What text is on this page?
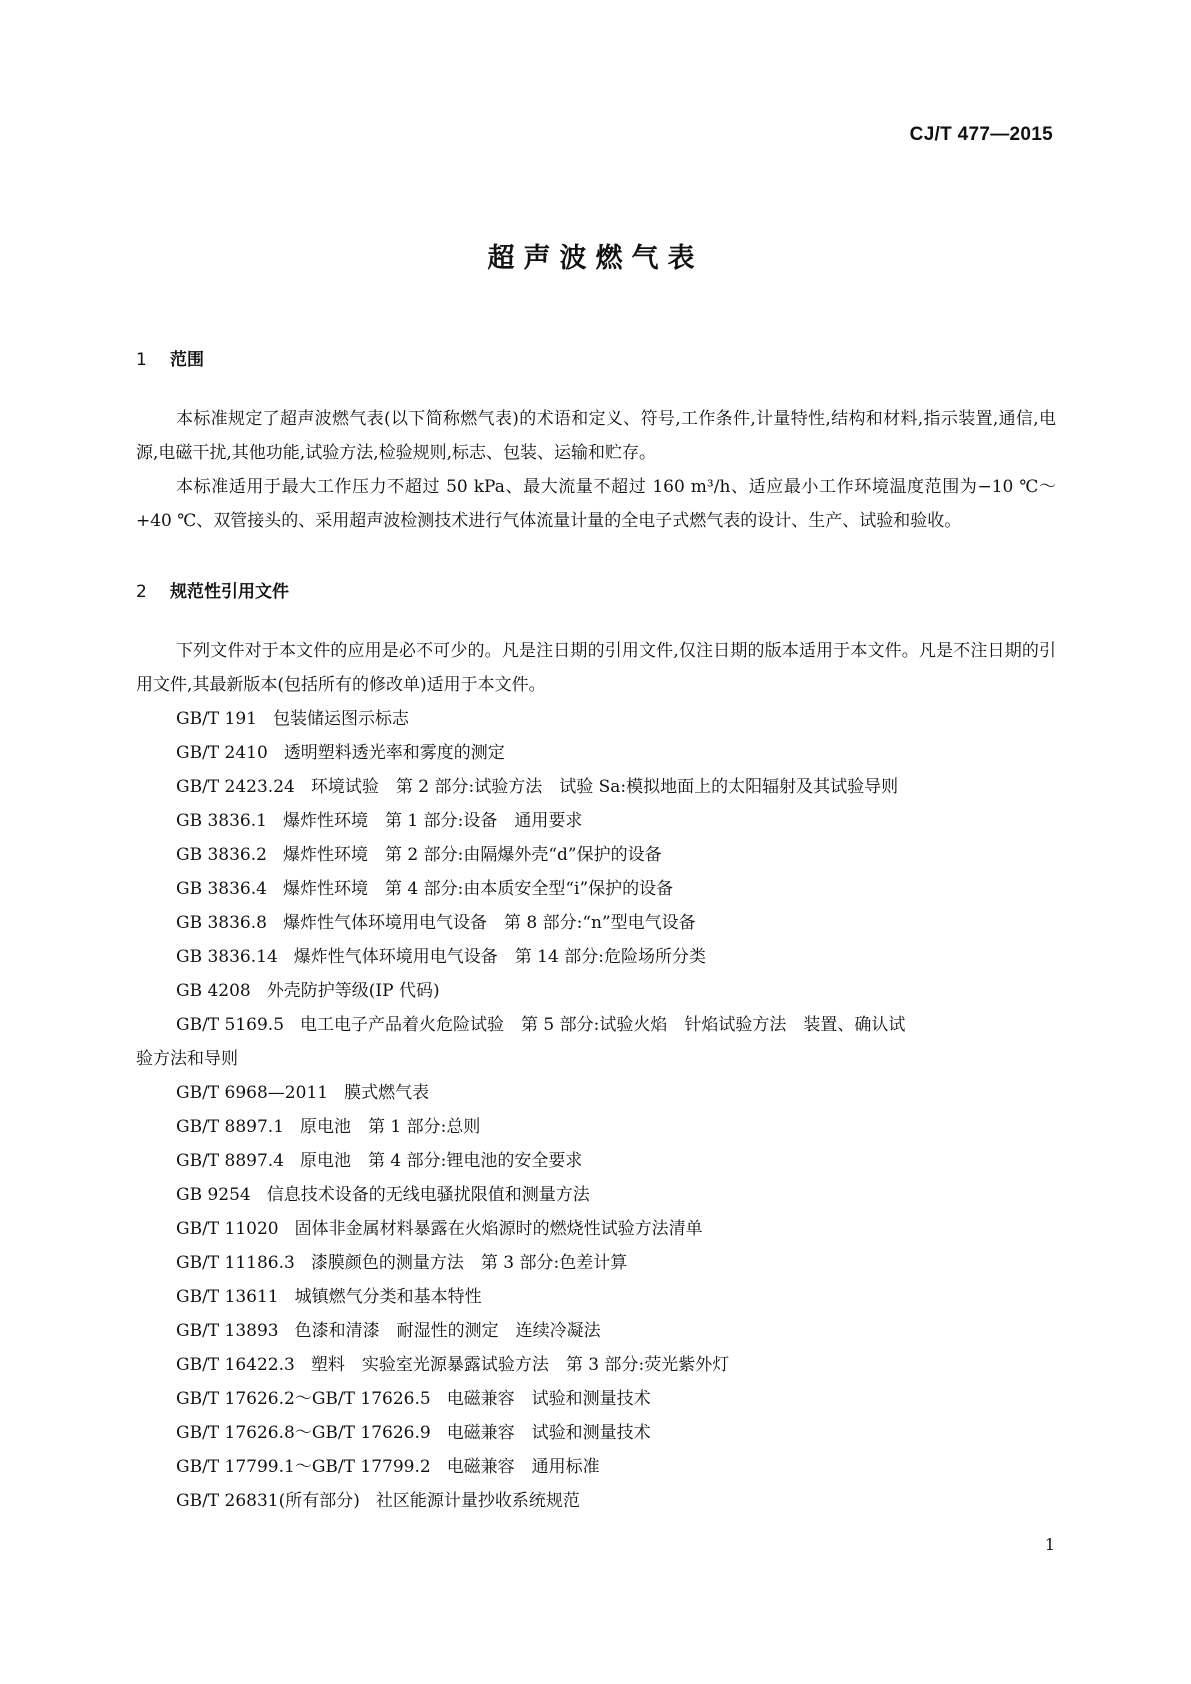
CJ/T 477—2015
超声波燃气表
1 范围

本标准规定了超声波燃气表(以下简称燃气表)的术语和定义、符号,工作条件,计量特性,结构和材料,指示装置,通信,电源,电磁干扰,其他功能,试验方法,检验规则,标志、包装、运输和贮存。

本标准适用于最大工作压力不超过 50 kPa、最大流量不超过 160 m³/h、适应最小工作环境温度范围为−10 ℃～+40 ℃、双管接头的、采用超声波检测技术进行气体流量计量的全电子式燃气表的设计、生产、试验和验收。

2 规范性引用文件

下列文件对于本文件的应用是必不可少的。凡是注日期的引用文件,仅注日期的版本适用于本文件。凡是不注日期的引用文件,其最新版本(包括所有的修改单)适用于本文件。

GB/T 191 包装储运图示标志

GB/T 2410 透明塑料透光率和雾度的测定

GB/T 2423.24 环境试验　第 2 部分:试验方法　试验 Sa:模拟地面上的太阳辐射及其试验导则

GB 3836.1 爆炸性环境　第 1 部分:设备　通用要求

GB 3836.2 爆炸性环境　第 2 部分:由隔爆外壳“d”保护的设备

GB 3836.4 爆炸性环境　第 4 部分:由本质安全型“i”保护的设备

GB 3836.8 爆炸性气体环境用电气设备　第 8 部分:“n”型电气设备

GB 3836.14 爆炸性气体环境用电气设备　第 14 部分:危险场所分类

GB 4208 外壳防护等级(IP 代码)

GB/T 5169.5 电工电子产品着火危险试验　第 5 部分:试验火焰　针焰试验方法　装置、确认试

验方法和导则

GB/T 6968—2011 膜式燃气表

GB/T 8897.1 原电池　第 1 部分:总则

GB/T 8897.4 原电池　第 4 部分:锂电池的安全要求

GB 9254 信息技术设备的无线电骚扰限值和测量方法

GB/T 11020 固体非金属材料暴露在火焰源时的燃烧性试验方法清单

GB/T 11186.3 漆膜颜色的测量方法　第 3 部分:色差计算

GB/T 13611 城镇燃气分类和基本特性

GB/T 13893 色漆和清漆　耐湿性的测定　连续冷凝法

GB/T 16422.3 塑料　实验室光源暴露试验方法　第 3 部分:荧光紫外灯

GB/T 17626.2～GB/T 17626.5 电磁兼容　试验和测量技术

GB/T 17626.8～GB/T 17626.9 电磁兼容　试验和测量技术

GB/T 17799.1～GB/T 17799.2 电磁兼容　通用标准

GB/T 26831(所有部分) 社区能源计量抄收系统规范

1
